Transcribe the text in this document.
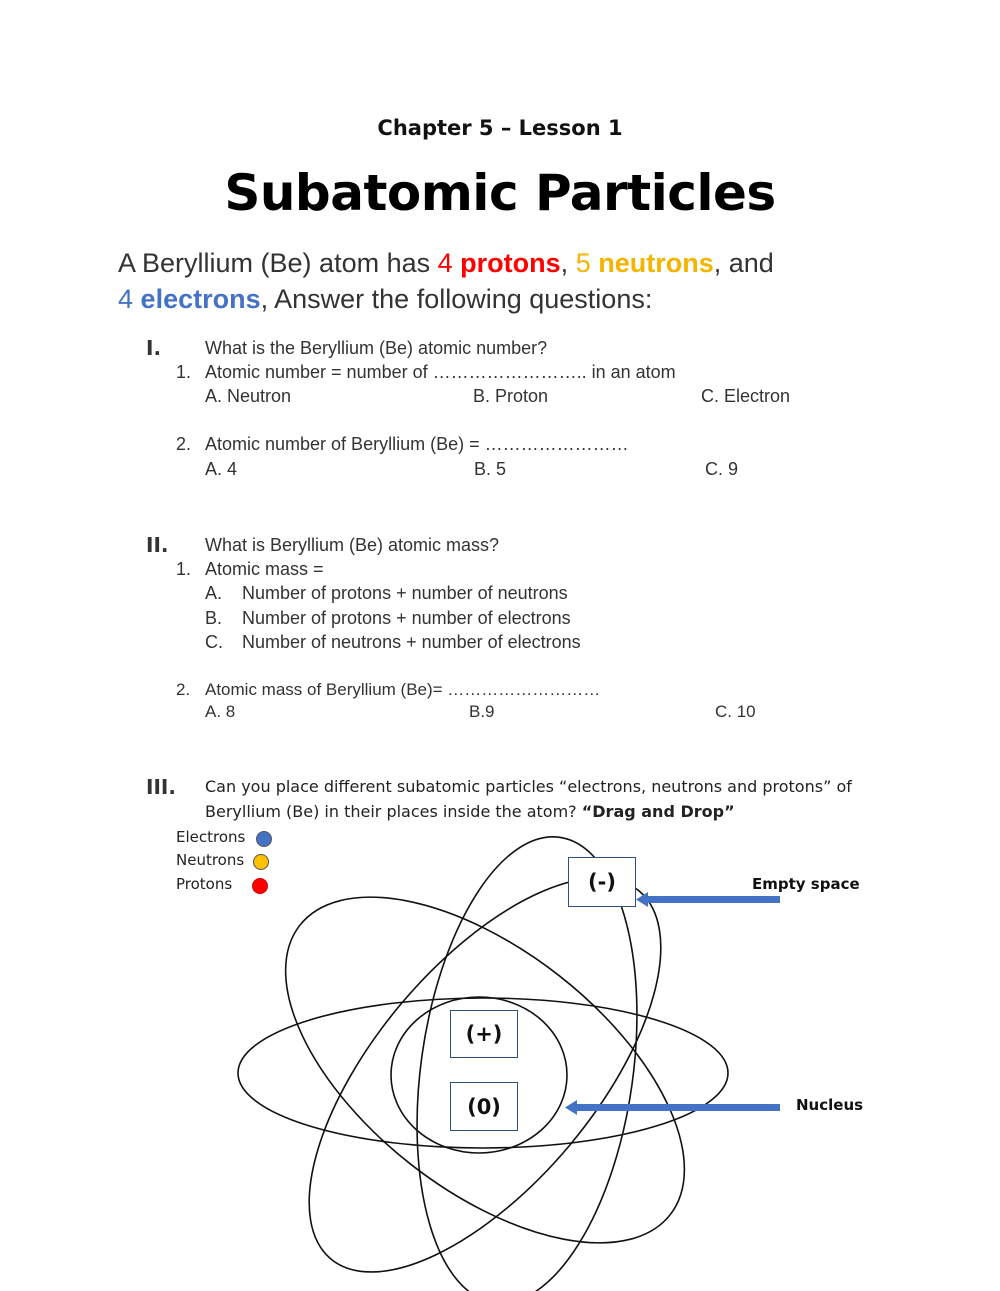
Chapter 5 – Lesson 1
Subatomic Particles
A Beryllium (Be) atom has 4 protons, 5 neutrons, and
4 electrons, Answer the following questions:
I. What is the Beryllium (Be) atomic number?
1. Atomic number = number of …………………….. in an atom
A. Neutron	B. Proton	C. Electron
2. Atomic number of Beryllium (Be) = ……………………
A. 4	B. 5	C. 9
II. What is Beryllium (Be) atomic mass?
1. Atomic mass =
A. Number of protons + number of neutrons
B. Number of protons + number of electrons
C. Number of neutrons + number of electrons
2. Atomic mass of Beryllium (Be)= ………………………
A. 8	B.9	C. 10
III. Can you place different subatomic particles “electrons, neutrons and protons” of
Beryllium (Be) in their places inside the atom? “Drag and Drop”
Electrons
Neutrons
Protons	(-)
(+)
(0)
Empty space
Nucleus
